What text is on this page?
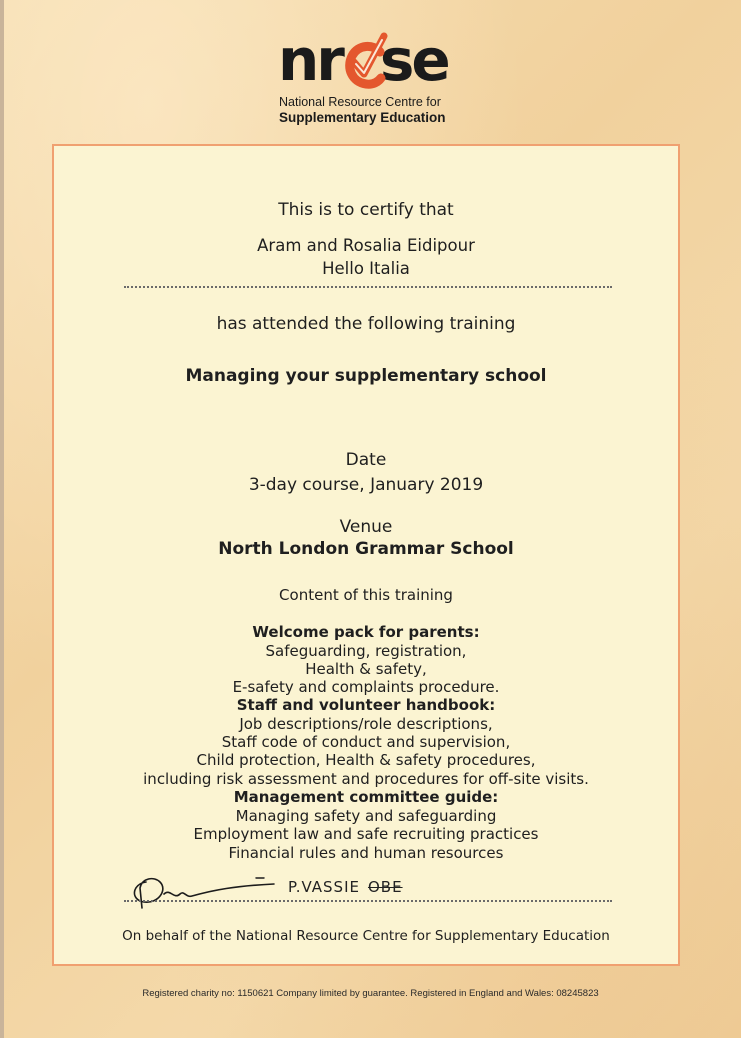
nr se
National Resource Centre for
Supplementary Education
This is to certify that
Aram and Rosalia Eidipour
Hello Italia
has attended the following training
Managing your supplementary school
Date
3-day course, January 2019
Venue
North London Grammar School
Content of this training
Welcome pack for parents:
Safeguarding, registration,
Health & safety,
E-safety and complaints procedure.
Staff and volunteer handbook:
Job descriptions/role descriptions,
Staff code of conduct and supervision,
Child protection, Health & safety procedures,
including risk assessment and procedures for off-site visits.
Management committee guide:
Managing safety and safeguarding
Employment law and safe recruiting practices
Financial rules and human resources
P.VASSIE OBE
On behalf of the National Resource Centre for Supplementary Education
Registered charity no: 1150621 Company limited by guarantee. Registered in England and Wales: 08245823
